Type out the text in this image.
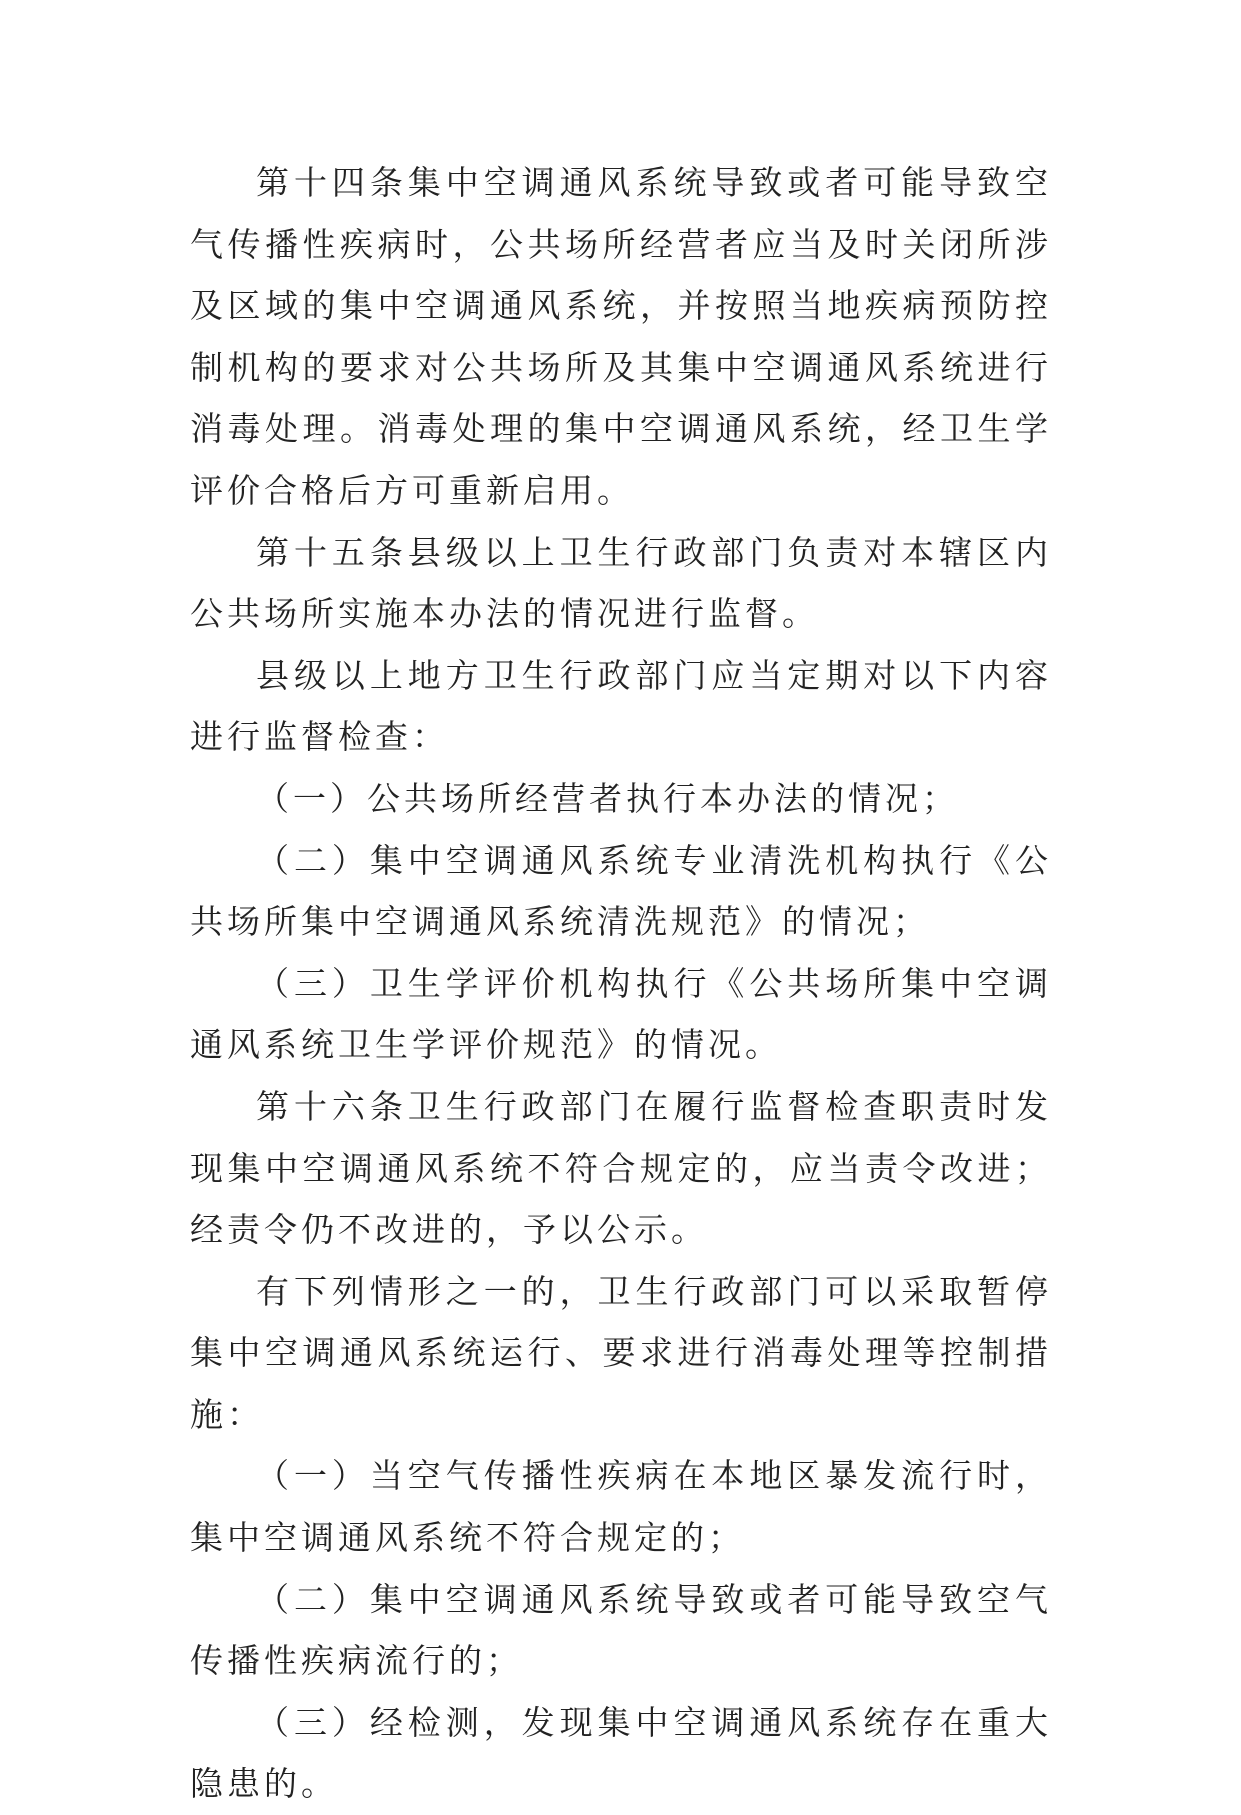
第十四条集中空调通风系统导致或者可能导致空气传播性疾病时，公共场所经营者应当及时关闭所涉及区域的集中空调通风系统，并按照当地疾病预防控制机构的要求对公共场所及其集中空调通风系统进行消毒处理。消毒处理的集中空调通风系统，经卫生学评价合格后方可重新启用。

第十五条县级以上卫生行政部门负责对本辖区内公共场所实施本办法的情况进行监督。

县级以上地方卫生行政部门应当定期对以下内容进行监督检查：

（一）公共场所经营者执行本办法的情况；

（二）集中空调通风系统专业清洗机构执行《公共场所集中空调通风系统清洗规范》的情况；

（三）卫生学评价机构执行《公共场所集中空调通风系统卫生学评价规范》的情况。

第十六条卫生行政部门在履行监督检查职责时发现集中空调通风系统不符合规定的，应当责令改进；经责令仍不改进的，予以公示。

有下列情形之一的，卫生行政部门可以采取暂停集中空调通风系统运行、要求进行消毒处理等控制措施：

（一）当空气传播性疾病在本地区暴发流行时，集中空调通风系统不符合规定的；

（二）集中空调通风系统导致或者可能导致空气传播性疾病流行的；

（三）经检测，发现集中空调通风系统存在重大隐患的。
